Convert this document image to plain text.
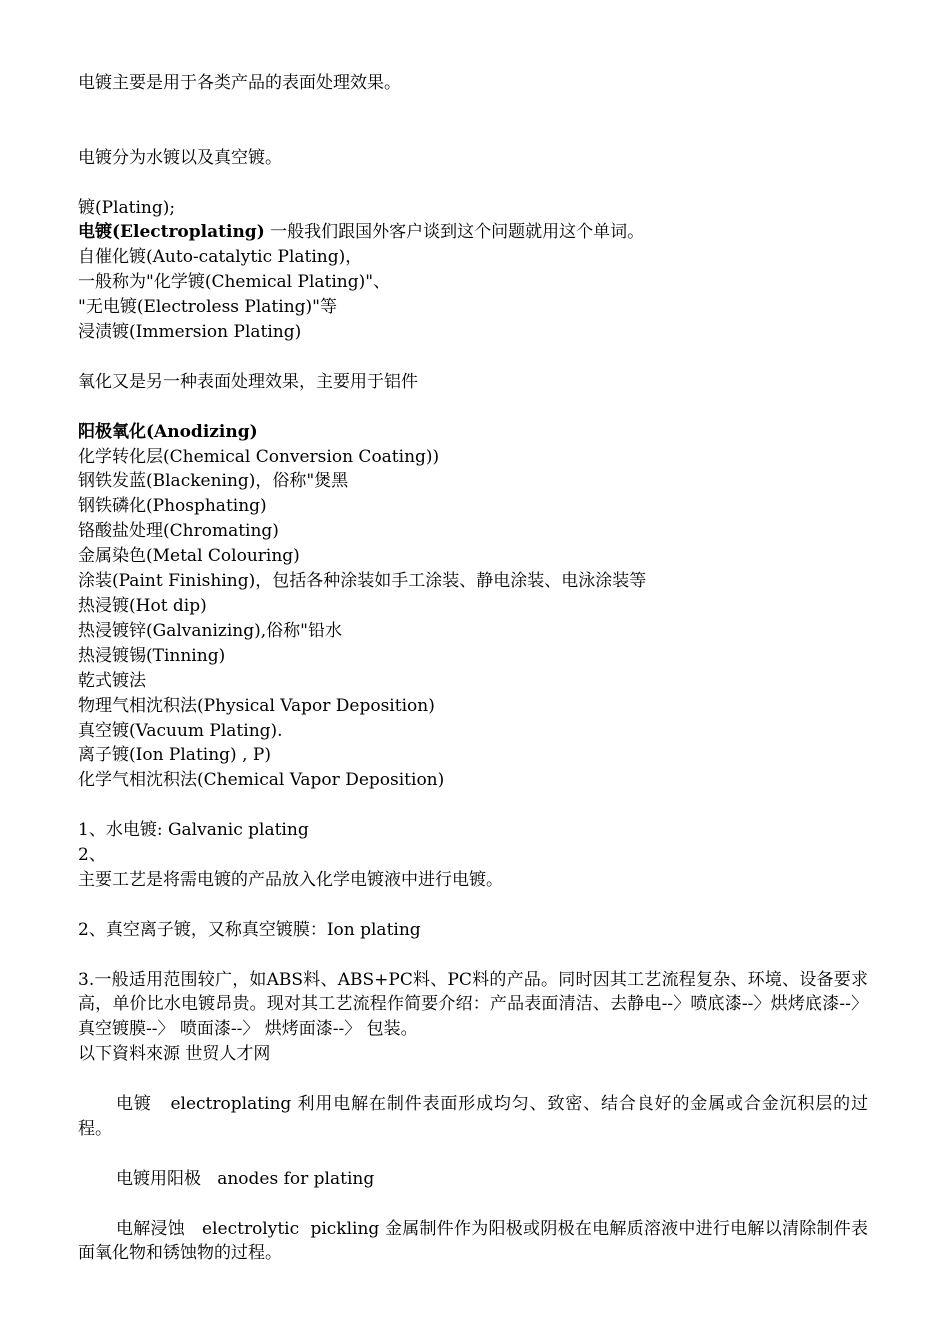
电镀主要是用于各类产品的表面处理效果。
电镀分为水镀以及真空镀。
镀(Plating);
电镀(Electroplating) 一般我们跟国外客户谈到这个问题就用这个单词。
自催化镀(Auto-catalytic Plating)，
一般称为"化学镀(Chemical Plating)"、
"无电镀(Electroless Plating)"等
浸渍镀(Immersion Plating)
氧化又是另一种表面处理效果，主要用于铝件
阳极氧化(Anodizing)
化学转化层(Chemical Conversion Coating))
钢铁发蓝(Blackening)，俗称"煲黑
钢铁磷化(Phosphating)
铬酸盐处理(Chromating)
金属染色(Metal Colouring)
涂装(Paint Finishing)，包括各种涂装如手工涂装、静电涂装、电泳涂装等
热浸镀(Hot dip)
热浸镀锌(Galvanizing),俗称"铅水
热浸镀锡(Tinning)
乾式镀法
物理气相沈积法(Physical Vapor Deposition)
真空镀(Vacuum Plating).
离子镀(Ion Plating) , P)
化学气相沈积法(Chemical Vapor Deposition)
1、水电镀: Galvanic plating
2、
主要工艺是将需电镀的产品放入化学电镀液中进行电镀。
2、真空离子镀，又称真空镀膜：Ion plating
3.一般适用范围较广，如ABS料、ABS+PC料、PC料的产品。同时因其工艺流程复杂、环境、设备要求高，单价比水电镀昂贵。现对其工艺流程作简要介绍：产品表面清洁、去静电--〉喷底漆--〉烘烤底漆--〉 真空镀膜--〉 喷面漆--〉 烘烤面漆--〉 包装。
以下資料來源 世贸人才网
电镀   electroplating 利用电解在制件表面形成均匀、致密、结合良好的金属或合金沉积层的过程。
电镀用阳极   anodes for plating
电解浸蚀   electrolytic  pickling 金属制件作为阳极或阴极在电解质溶液中进行电解以清除制件表面氧化物和锈蚀物的过程。
